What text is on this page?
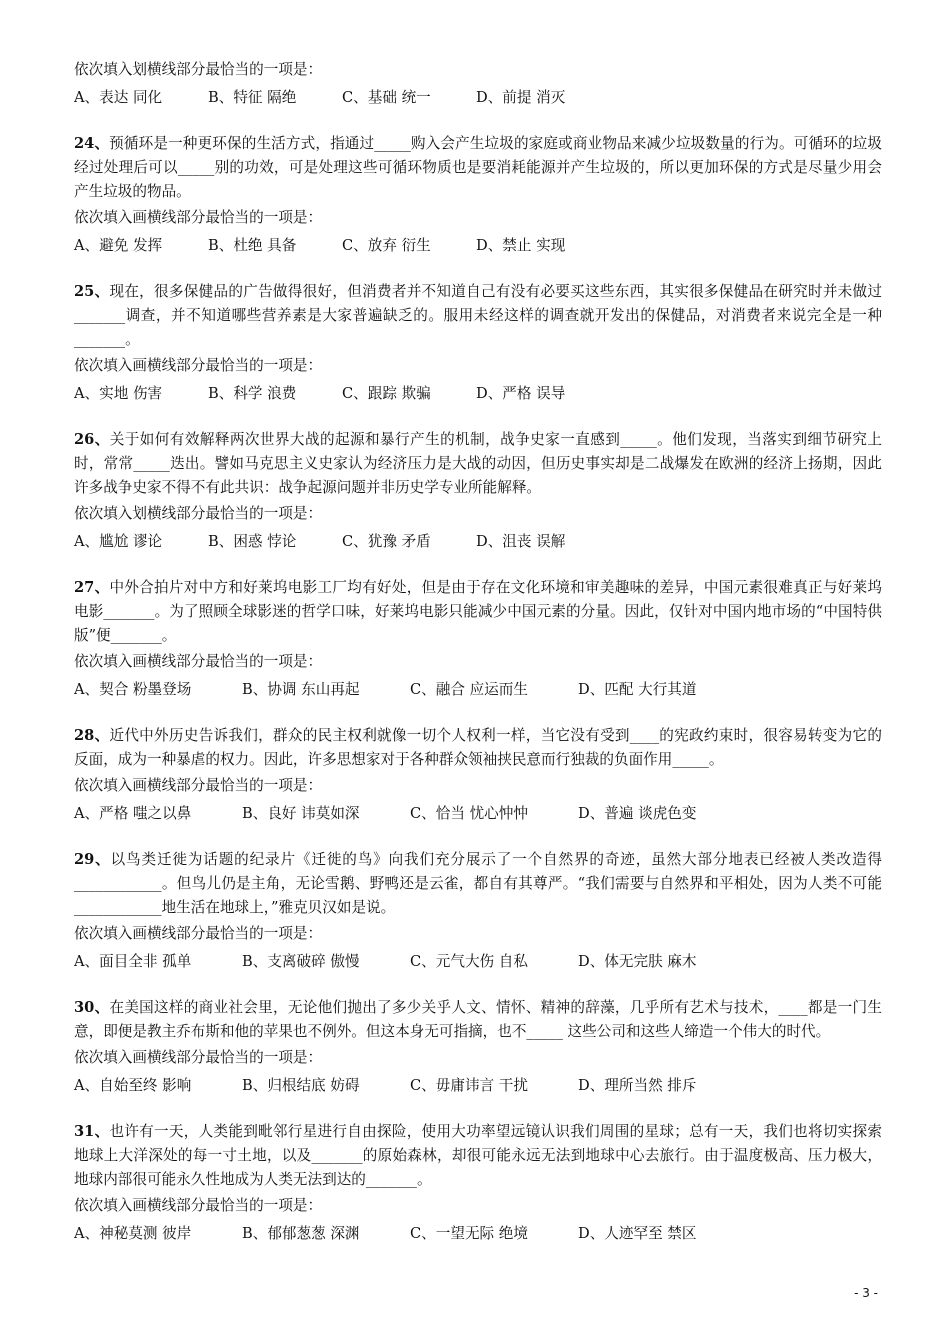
依次填入划横线部分最恰当的一项是：

A、表达 同化	B、特征 隔绝	C、基础 统一	D、前提 消灭

24、预循环是一种更环保的生活方式，指通过_____购入会产生垃圾的家庭或商业物品来减少垃圾数量的行为。可循环的垃圾经过处理后可以_____别的功效，可是处理这些可循环物质也是要消耗能源并产生垃圾的，所以更加环保的方式是尽量少用会产生垃圾的物品。

依次填入画横线部分最恰当的一项是：

A、避免 发挥	B、杜绝 具备	C、放弃 衍生	D、禁止 实现

25、现在，很多保健品的广告做得很好，但消费者并不知道自己有没有必要买这些东西，其实很多保健品在研究时并未做过_______调查，并不知道哪些营养素是大家普遍缺乏的。服用未经这样的调查就开发出的保健品，对消费者来说完全是一种_______。

依次填入画横线部分最恰当的一项是：

A、实地 伤害	B、科学 浪费	C、跟踪 欺骗	D、严格 误导

26、关于如何有效解释两次世界大战的起源和暴行产生的机制，战争史家一直感到_____。他们发现，当落实到细节研究上时，常常_____迭出。譬如马克思主义史家认为经济压力是大战的动因，但历史事实却是二战爆发在欧洲的经济上扬期，因此许多战争史家不得不有此共识：战争起源问题并非历史学专业所能解释。

依次填入划横线部分最恰当的一项是：

A、尴尬 谬论	B、困惑 悖论	C、犹豫 矛盾	D、沮丧 误解

27、中外合拍片对中方和好莱坞电影工厂均有好处，但是由于存在文化环境和审美趣味的差异，中国元素很难真正与好莱坞电影_______。为了照顾全球影迷的哲学口味，好莱坞电影只能减少中国元素的分量。因此，仅针对中国内地市场的“中国特供版”便_______。

依次填入画横线部分最恰当的一项是：

A、契合 粉墨登场	B、协调 东山再起	C、融合 应运而生	D、匹配 大行其道

28、近代中外历史告诉我们，群众的民主权利就像一切个人权利一样，当它没有受到____的宪政约束时，很容易转变为它的反面，成为一种暴虐的权力。因此，许多思想家对于各种群众领袖挟民意而行独裁的负面作用_____。

依次填入画横线部分最恰当的一项是：

A、严格 嗤之以鼻	B、良好 讳莫如深	C、恰当 忧心忡忡	D、普遍 谈虎色变

29、以鸟类迁徙为话题的纪录片《迁徙的鸟》向我们充分展示了一个自然界的奇迹，虽然大部分地表已经被人类改造得____________。但鸟儿仍是主角，无论雪鹅、野鸭还是云雀，都自有其尊严。“我们需要与自然界和平相处，因为人类不可能____________地生活在地球上，”雅克贝汉如是说。

依次填入画横线部分最恰当的一项是：

A、面目全非 孤单	B、支离破碎 傲慢	C、元气大伤 自私	D、体无完肤 麻木

30、在美国这样的商业社会里，无论他们抛出了多少关乎人文、情怀、精神的辞藻，几乎所有艺术与技术，____都是一门生意，即便是教主乔布斯和他的苹果也不例外。但这本身无可指摘，也不_____ 这些公司和这些人缔造一个伟大的时代。

依次填入画横线部分最恰当的一项是：

A、自始至终 影响	B、归根结底 妨碍	C、毋庸讳言 干扰	D、理所当然 排斥

31、也许有一天，人类能到毗邻行星进行自由探险，使用大功率望远镜认识我们周围的星球；总有一天，我们也将切实探索地球上大洋深处的每一寸土地，以及_______的原始森林，却很可能永远无法到地球中心去旅行。由于温度极高、压力极大，地球内部很可能永久性地成为人类无法到达的_______。

依次填入画横线部分最恰当的一项是：

A、神秘莫测 彼岸	B、郁郁葱葱 深渊	C、一望无际 绝境	D、人迹罕至 禁区
- 3 -
